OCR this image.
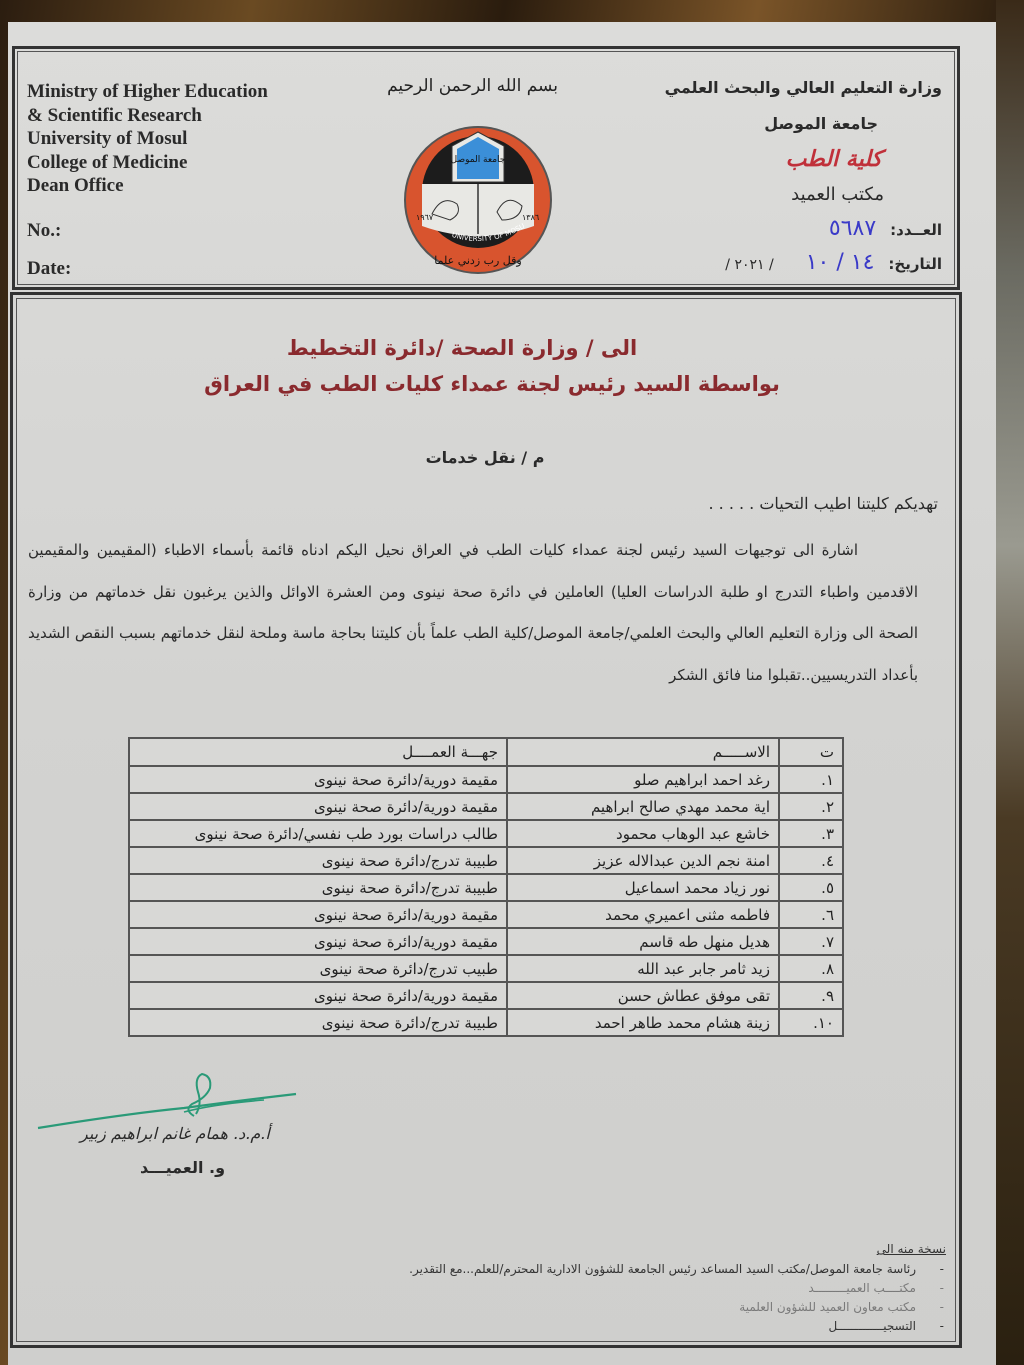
Ministry of Higher Education
& Scientific Research
University of Mosul
College of Medicine
Dean Office
No.:
Date:
بسم الله الرحمن الرحيم
جامعة الموصل
UNIVERSITY OF MOSU
وقل رب زدني علما
١٩٦٧	١٣٨٦
وزارة التعليم العالي والبحث العلمي
جامعة الموصل
كلية الطب
مكتب العميد
العــدد:
٥٦٨٧
التاريخ:
١٤ / ١٠
/ ٢٠٢١ /
الى / وزارة الصحة /دائرة التخطيط
بواسطة السيد رئيس لجنة عمداء كليات الطب في العراق
م / نقل خدمات
تهديكم كليتنا اطيب التحيات . . . . .
اشارة الى توجيهات السيد رئيس لجنة عمداء كليات الطب في العراق نحيل اليكم ادناه قائمة بأسماء الاطباء (المقيمين والمقيمين الاقدمين واطباء التدرج او طلبة الدراسات العليا) العاملين في دائرة صحة نينوى ومن العشرة الاوائل والذين يرغبون نقل خدماتهم من وزارة الصحة الى وزارة التعليم العالي والبحث العلمي/جامعة الموصل/كلية الطب علماً بأن كليتنا بحاجة ماسة وملحة لنقل خدماتهم بسبب النقص الشديد بأعداد التدريسيين..تقبلوا منا فائق الشكر
ت	الاســـــم	جهـــة العمــــل
١.	رغد احمد ابراهيم صلو	مقيمة دورية/دائرة صحة نينوى
٢.	اية محمد مهدي صالح ابراهيم	مقيمة دورية/دائرة صحة نينوى
٣.	خاشع عبد الوهاب محمود	طالب دراسات بورد طب نفسي/دائرة صحة نينوى
٤.	امنة نجم الدين عبدالاله عزيز	طبيبة تدرج/دائرة صحة نينوى
٥.	نور زياد محمد اسماعيل	طبيبة تدرج/دائرة صحة نينوى
٦.	فاطمه مثنى اعميري محمد	مقيمة دورية/دائرة صحة نينوى
٧.	هديل منهل طه قاسم	مقيمة دورية/دائرة صحة نينوى
٨.	زيد ثامر جابر عبد الله	طبيب تدرج/دائرة صحة نينوى
٩.	تقى موفق عطاش حسن	مقيمة دورية/دائرة صحة نينوى
١٠.	زينة هشام محمد طاهر احمد	طبيبة تدرج/دائرة صحة نينوى
أ.م.د. همام غانم ابراهيم زبير
و. العميـــد
نسخة منه الى
-
رئاسة جامعة الموصل/مكتب السيد المساعد رئيس الجامعة للشؤون الادارية المحترم/للعلم...مع التقدير.
-
مكتــــب العميـــــــــد
-
مكتب معاون العميد للشؤون العلمية
-
التسجيـــــــــــــل
